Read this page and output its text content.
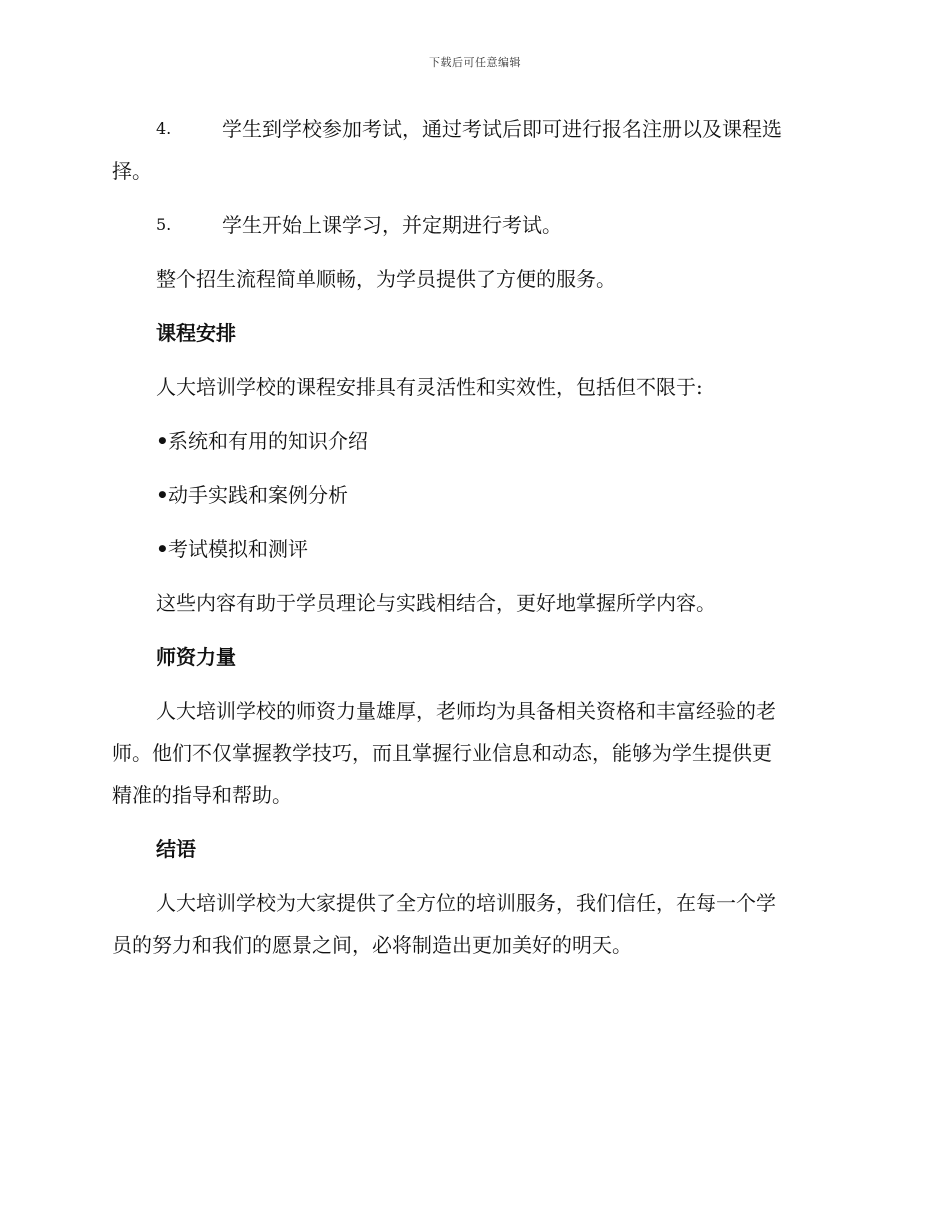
下载后可任意编辑
4.	学生到学校参加考试，通过考试后即可进行报名注册以及课程选
择。
5.	学生开始上课学习，并定期进行考试。

整个招生流程简单顺畅，为学员提供了方便的服务。

课程安排

人大培训学校的课程安排具有灵活性和实效性，包括但不限于:

•系统和有用的知识介绍

•动手实践和案例分析

•考试模拟和测评

这些内容有助于学员理论与实践相结合，更好地掌握所学内容。

师资力量

人大培训学校的师资力量雄厚，老师均为具备相关资格和丰富经验的老

师。他们不仅掌握教学技巧，而且掌握行业信息和动态，能够为学生提供更

精准的指导和帮助。

结语

人大培训学校为大家提供了全方位的培训服务，我们信任，在每一个学

员的努力和我们的愿景之间，必将制造出更加美好的明天。
